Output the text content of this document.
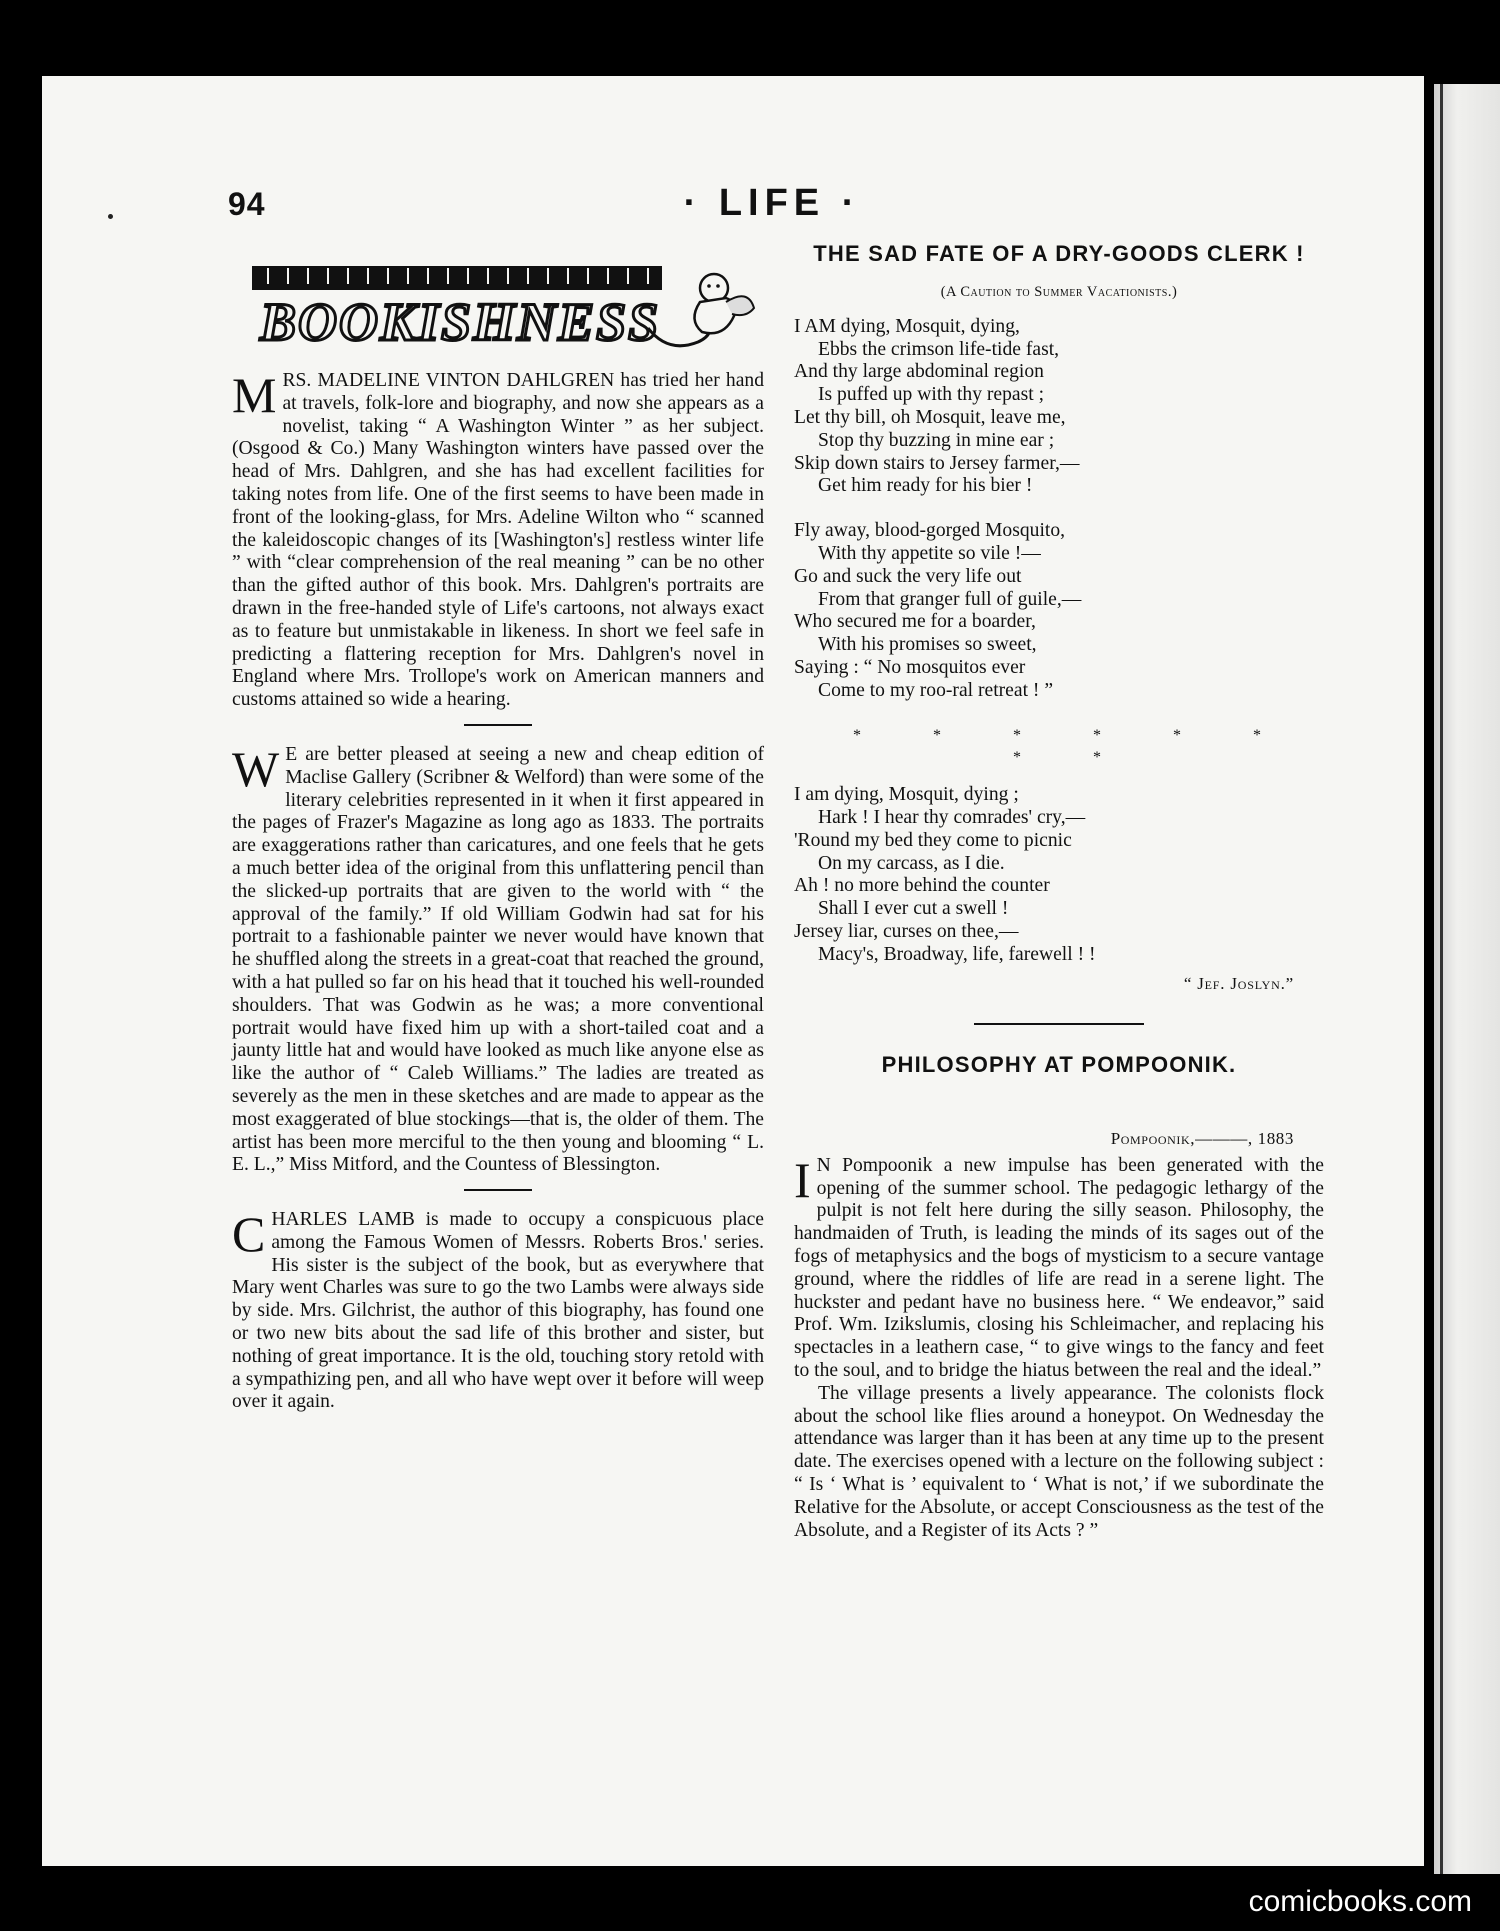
94	· LIFE ·
BOOKISHNESS

MRS. MADELINE VINTON DAHLGREN has tried her hand at travels, folk-lore and biography, and now she appears as a novelist, taking “ A Washington Winter ” as her subject. (Osgood & Co.) Many Washington winters have passed over the head of Mrs. Dahlgren, and she has had excellent facilities for taking notes from life. One of the first seems to have been made in front of the looking-glass, for Mrs. Adeline Wilton who “ scanned the kaleidoscopic changes of its [Washington's] restless winter life ” with “clear comprehension of the real meaning ” can be no other than the gifted author of this book. Mrs. Dahlgren's portraits are drawn in the free-handed style of Life's cartoons, not always exact as to feature but unmistakable in likeness. In short we feel safe in predicting a flattering reception for Mrs. Dahlgren's novel in England where Mrs. Trollope's work on American manners and customs attained so wide a hearing.

W E are better pleased at seeing a new and cheap edition of Maclise Gallery (Scribner & Welford) than were some of the literary celebrities represented in it when it first appeared in the pages of Frazer's Magazine as long ago as 1833. The portraits are exaggerations rather than caricatures, and one feels that he gets a much better idea of the original from this unflattering pencil than the slicked-up portraits that are given to the world with “ the approval of the family.” If old William Godwin had sat for his portrait to a fashionable painter we never would have known that he shuffled along the streets in a great-coat that reached the ground, with a hat pulled so far on his head that it touched his well-rounded shoulders. That was Godwin as he was; a more conventional portrait would have fixed him up with a short-tailed coat and a jaunty little hat and would have looked as much like anyone else as like the author of “ Caleb Williams.” The ladies are treated as severely as the men in these sketches and are made to appear as the most exaggerated of blue stockings—that is, the older of them. The artist has been more merciful to the then young and blooming “ L. E. L.,” Miss Mitford, and the Countess of Blessington.

CHARLES LAMB is made to occupy a conspicuous place among the Famous Women of Messrs. Roberts Bros.' series. His sister is the subject of the book, but as everywhere that Mary went Charles was sure to go the two Lambs were always side by side. Mrs. Gilchrist, the author of this biography, has found one or two new bits about the sad life of this brother and sister, but nothing of great importance. It is the old, touching story retold with a sympathizing pen, and all who have wept over it before will weep over it again.

THE SAD FATE OF A DRY-GOODS CLERK !
(A Caution to Summer Vacationists.)
I AM dying, Mosquit, dying,
Ebbs the crimson life-tide fast,
And thy large abdominal region
Is puffed up with thy repast ;
Let thy bill, oh Mosquit, leave me,
Stop thy buzzing in mine ear ;
Skip down stairs to Jersey farmer,—
Get him ready for his bier !
Fly away, blood-gorged Mosquito,
With thy appetite so vile !—
Go and suck the very life out
From that granger full of guile,—
Who secured me for a boarder,
With his promises so sweet,
Saying : “ No mosquitos ever
Come to my roo-ral retreat ! ”
* * * * * * * *
I am dying, Mosquit, dying ;
Hark ! I hear thy comrades' cry,—
'Round my bed they come to picnic
On my carcass, as I die.
Ah ! no more behind the counter
Shall I ever cut a swell !
Jersey liar, curses on thee,—
Macy's, Broadway, life, farewell ! !
“ Jef. Joslyn.”
PHILOSOPHY AT POMPOONIK.
Pompoonik,———, 1883

I N Pompoonik a new impulse has been generated with the opening of the summer school. The pedagogic lethargy of the pulpit is not felt here during the silly season. Philosophy, the handmaiden of Truth, is leading the minds of its sages out of the fogs of metaphysics and the bogs of mysticism to a secure vantage ground, where the riddles of life are read in a serene light. The huckster and pedant have no business here. “ We endeavor,” said Prof. Wm. Izikslumis, closing his Schleimacher, and replacing his spectacles in a leathern case, “ to give wings to the fancy and feet to the soul, and to bridge the hiatus between the real and the ideal.”

The village presents a lively appearance. The colonists flock about the school like flies around a honeypot. On Wednesday the attendance was larger than it has been at any time up to the present date. The exercises opened with a lecture on the following subject : “ Is ‘ What is ’ equivalent to ‘ What is not,’ if we subordinate the Relative for the Absolute, or accept Consciousness as the test of the Absolute, and a Register of its Acts ? ”

comicbooks.com
